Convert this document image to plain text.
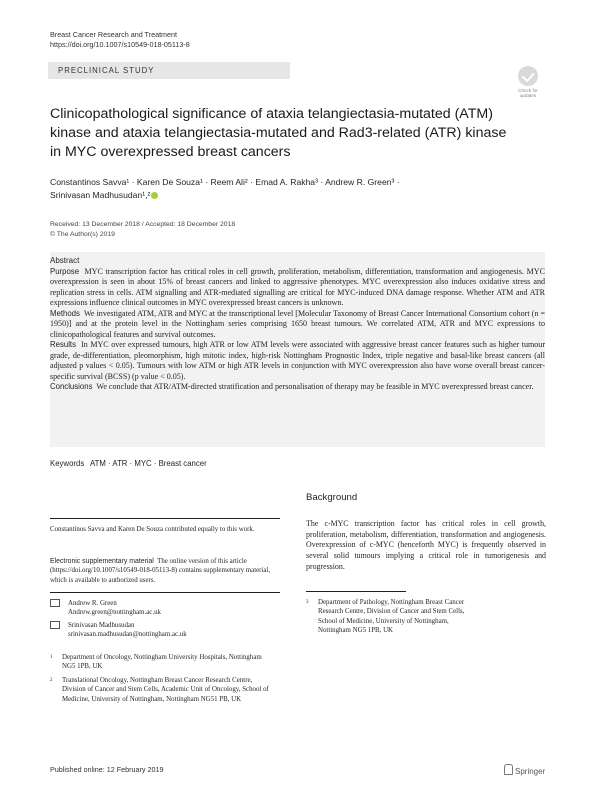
Breast Cancer Research and Treatment
https://doi.org/10.1007/s10549-018-05113-8
PRECLINICAL STUDY
Check for
updates
Clinicopathological significance of ataxia telangiectasia-mutated (ATM) kinase and ataxia telangiectasia-mutated and Rad3-related (ATR) kinase in MYC overexpressed breast cancers
Constantinos Savva¹ · Karen De Souza¹ · Reem Ali² · Emad A. Rakha³ · Andrew R. Green³ ·
Srinivasan Madhusudan¹,²
Received: 13 December 2018 / Accepted: 18 December 2018
© The Author(s) 2019
Abstract

Purpose MYC transcription factor has critical roles in cell growth, proliferation, metabolism, differentiation, transformation and angiogenesis. MYC overexpression is seen in about 15% of breast cancers and linked to aggressive phenotypes. MYC overexpression also induces oxidative stress and replication stress in cells. ATM signalling and ATR-mediated signalling are critical for MYC-induced DNA damage response. Whether ATM and ATR expressions influence clinical outcomes in MYC overexpressed breast cancers is unknown.

Methods We investigated ATM, ATR and MYC at the transcriptional level [Molecular Taxonomy of Breast Cancer International Consortium cohort (n = 1950)] and at the protein level in the Nottingham series comprising 1650 breast tumours. We correlated ATM, ATR and MYC expressions to clinicopathological features and survival outcomes.

Results In MYC over expressed tumours, high ATR or low ATM levels were associated with aggressive breast cancer features such as higher tumour grade, de-differentiation, pleomorphism, high mitotic index, high-risk Nottingham Prognostic Index, triple negative and basal-like breast cancers (all adjusted p values < 0.05). Tumours with low ATM or high ATR levels in conjunction with MYC overexpression also have worse overall breast cancer-specific survival (BCSS) (p value < 0.05).

Conclusions We conclude that ATR/ATM-directed stratification and personalisation of therapy may be feasible in MYC overexpressed breast cancer.

Keywords ATM · ATR · MYC · Breast cancer
Background
The c-MYC transcription factor has critical roles in cell growth, proliferation, metabolism, differentiation, transformation and angiogenesis. Overexpression of c-MYC (henceforth MYC) is frequently observed in several solid tumours implying a critical role in tumorigenesis and progression.
Constantinos Savva and Karen De Souza contributed equally to this work.
Electronic supplementary material The online version of this article (https://doi.org/10.1007/s10549-018-05113-8) contains supplementary material, which is available to authorized users.
Andrew R. Green
Andrew.green@nottingham.ac.uk
Srinivasan Madhusudan
srinivasan.madhusudan@nottingham.ac.uk
1 Department of Oncology, Nottingham University Hospitals, Nottingham NG5 1PB, UK
2 Translational Oncology, Nottingham Breast Cancer Research Centre, Division of Cancer and Stem Cells, Academic Unit of Oncology, School of Medicine, University of Nottingham, Nottingham NG51 PB, UK
3 Department of Pathology, Nottingham Breast Cancer Research Centre, Division of Cancer and Stem Cells, School of Medicine, University of Nottingham, Nottingham NG5 1PB, UK
Published online: 12 February 2019	Springer
